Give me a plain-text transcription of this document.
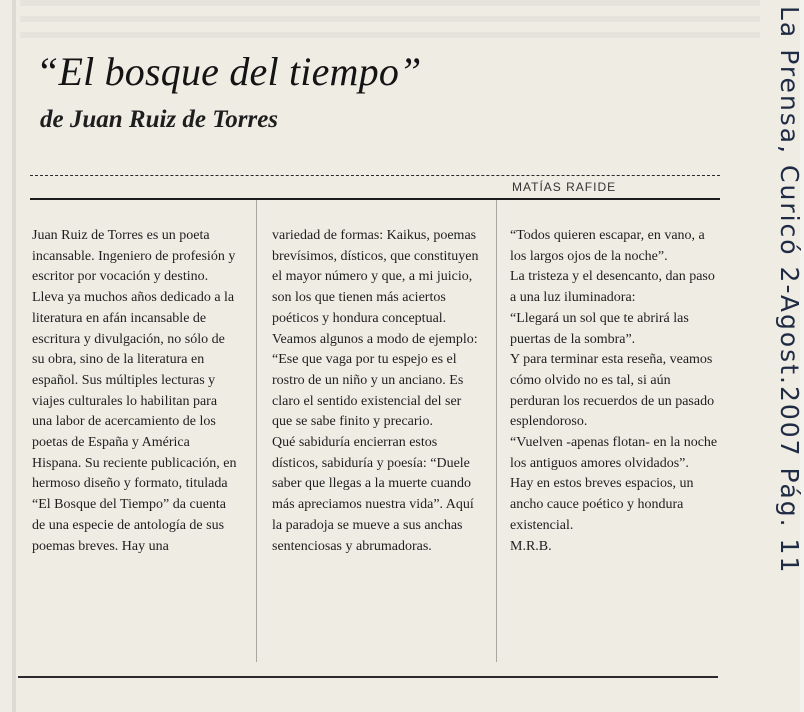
“El bosque del tiempo”
de Juan Ruiz de Torres
MATÍAS RAFIDE

Juan Ruiz de Torres es un poeta incansable. Ingeniero de profesión y escritor por vocación y destino. Lleva ya muchos años dedicado a la literatura en afán incansable de escritura y divulgación, no sólo de su obra, sino de la literatura en español. Sus múltiples lecturas y viajes culturales lo habilitan para una labor de acercamiento de los poetas de España y América Hispana. Su reciente publicación, en hermoso diseño y formato, titulada “El Bosque del Tiempo” da cuenta de una especie de antología de sus poemas breves. Hay una

variedad de formas: Kaikus, poemas brevísimos, dísticos, que constituyen el mayor número y que, a mi juicio, son los que tienen más aciertos poéticos y hondura conceptual. Veamos algunos a modo de ejemplo: “Ese que vaga por tu espejo es el rostro de un niño y un anciano. Es claro el sentido existencial del ser que se sabe finito y precario.

Qué sabiduría encierran estos dísticos, sabiduría y poesía: “Duele saber que llegas a la muerte cuando más apreciamos nuestra vida”. Aquí la paradoja se mueve a sus anchas sentenciosas y abrumadoras.

“Todos quieren escapar, en vano, a los largos ojos de la noche”.

La tristeza y el desencanto, dan paso a una luz iluminadora:

“Llegará un sol que te abrirá las puertas de la sombra”.

Y para terminar esta reseña, veamos cómo olvido no es tal, si aún perduran los recuerdos de un pasado esplendoroso.

“Vuelven -apenas flotan- en la noche los antiguos amores olvidados”.

Hay en estos breves espacios, un ancho cauce poético y hondura existencial.

M.R.B.	La Prensa, Curicó 2-Agost.2007 Pág. 11
